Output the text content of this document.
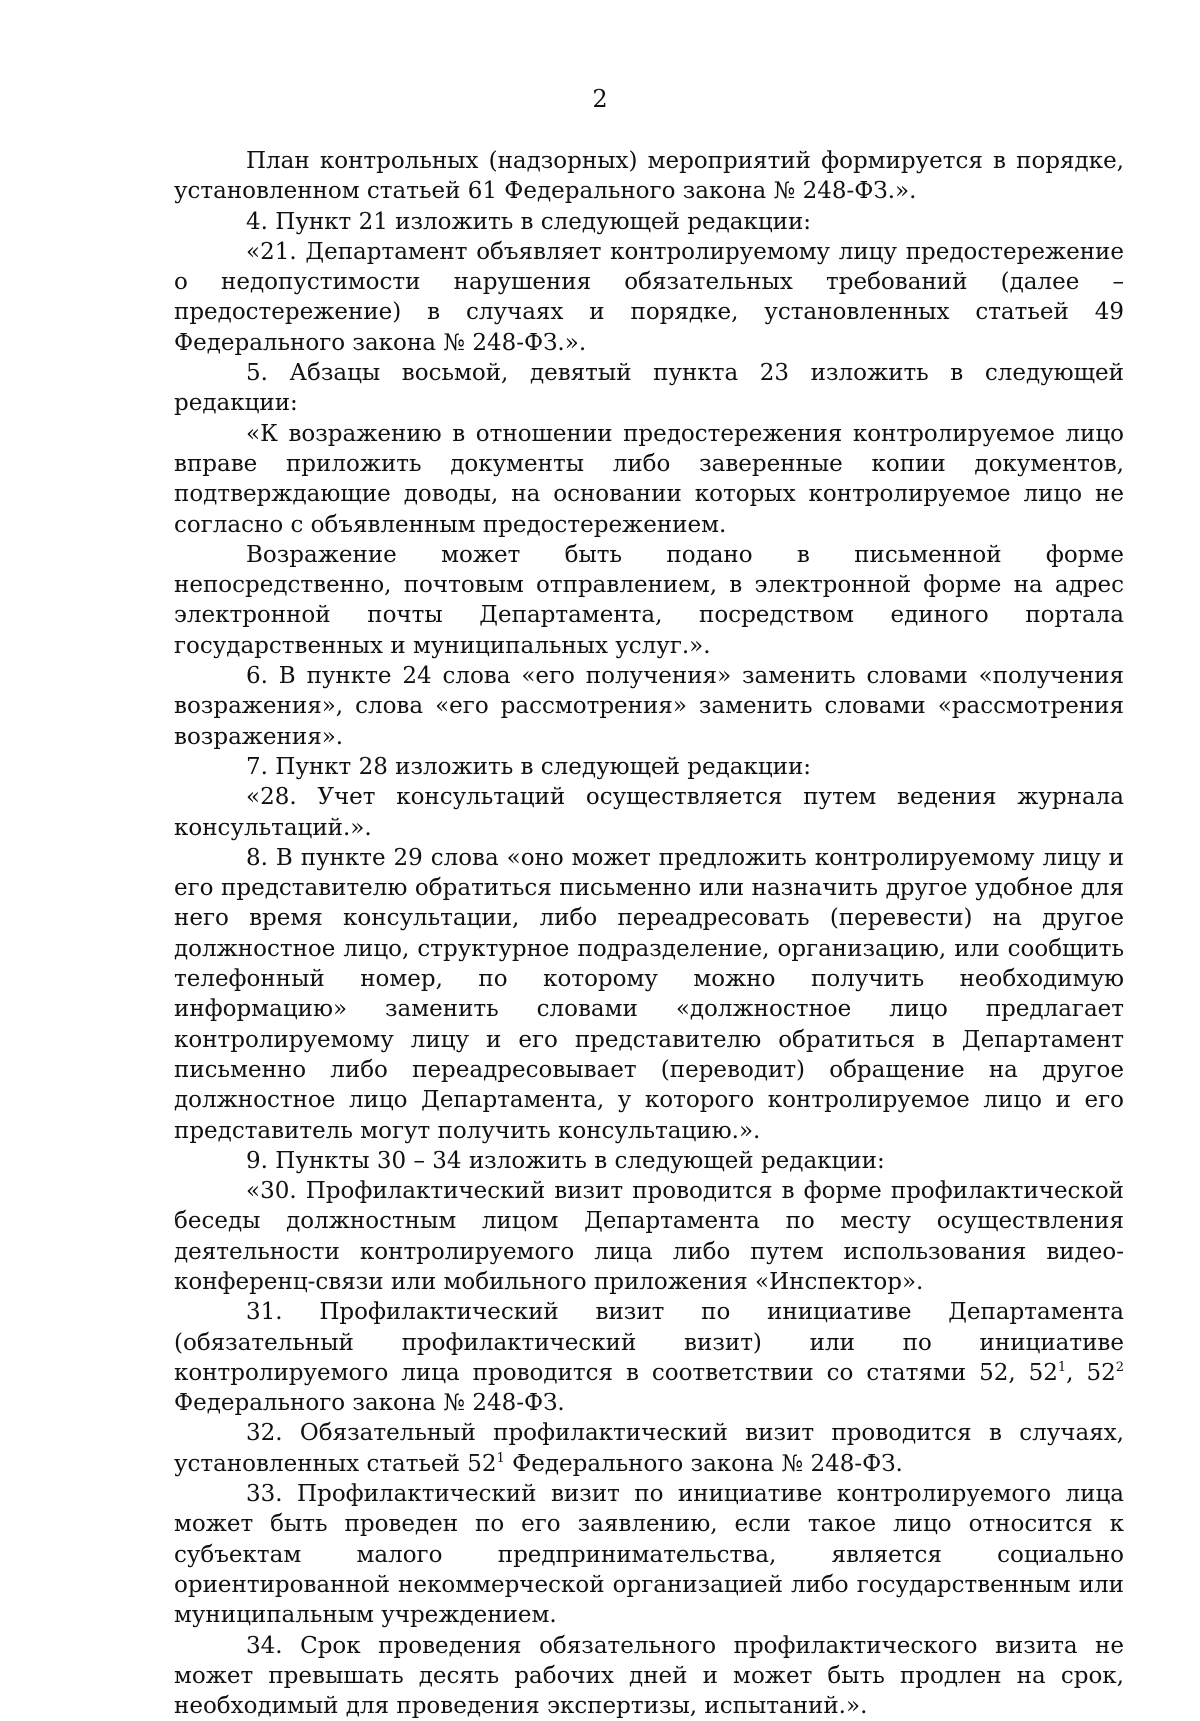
2

План контрольных (надзорных) мероприятий формируется в порядке, установленном статьей 61 Федерального закона № 248-ФЗ.».

4. Пункт 21 изложить в следующей редакции:

«21. Департамент объявляет контролируемому лицу предостережение о недопустимости нарушения обязательных требований (далее – предостережение) в случаях и порядке, установленных статьей 49 Федерального закона № 248-ФЗ.».

5. Абзацы восьмой, девятый пункта 23 изложить в следующей редакции:

«К возражению в отношении предостережения контролируемое лицо вправе приложить документы либо заверенные копии документов, подтверждающие доводы, на основании которых контролируемое лицо не согласно с объявленным предостережением.

Возражение может быть подано в письменной форме непосредственно, почтовым отправлением, в электронной форме на адрес электронной почты Департамента, посредством единого портала государственных и муниципальных услуг.».

6. В пункте 24 слова «его получения» заменить словами «получения возражения», слова «его рассмотрения» заменить словами «рассмотрения возражения».

7. Пункт 28 изложить в следующей редакции:

«28. Учет консультаций осуществляется путем ведения журнала консультаций.».

8. В пункте 29 слова «оно может предложить контролируемому лицу и его представителю обратиться письменно или назначить другое удобное для него время консультации, либо переадресовать (перевести) на другое должностное лицо, структурное подразделение, организацию, или сообщить телефонный номер, по которому можно получить необходимую информацию» заменить словами «должностное лицо предлагает контролируемому лицу и его представителю обратиться в Департамент письменно либо переадресовывает (переводит) обращение на другое должностное лицо Департамента, у которого контролируемое лицо и его представитель могут получить консультацию.».

9. Пункты 30 – 34 изложить в следующей редакции:

«30. Профилактический визит проводится в форме профилактической беседы должностным лицом Департамента по месту осуществления деятельности контролируемого лица либо путем использования видео-конференц-связи или мобильного приложения «Инспектор».

31. Профилактический визит по инициативе Департамента (обязательный профилактический визит) или по инициативе контролируемого лица проводится в соответствии со статями 52, $52^1$, $52^2$ Федерального закона № 248-ФЗ.

32. Обязательный профилактический визит проводится в случаях, установленных статьей $52^1$ Федерального закона № 248-ФЗ.

33. Профилактический визит по инициативе контролируемого лица может быть проведен по его заявлению, если такое лицо относится к субъектам малого предпринимательства, является социально ориентированной некоммерческой организацией либо государственным или муниципальным учреждением.

34. Срок проведения обязательного профилактического визита не может превышать десять рабочих дней и может быть продлен на срок, необходимый для проведения экспертизы, испытаний.».
